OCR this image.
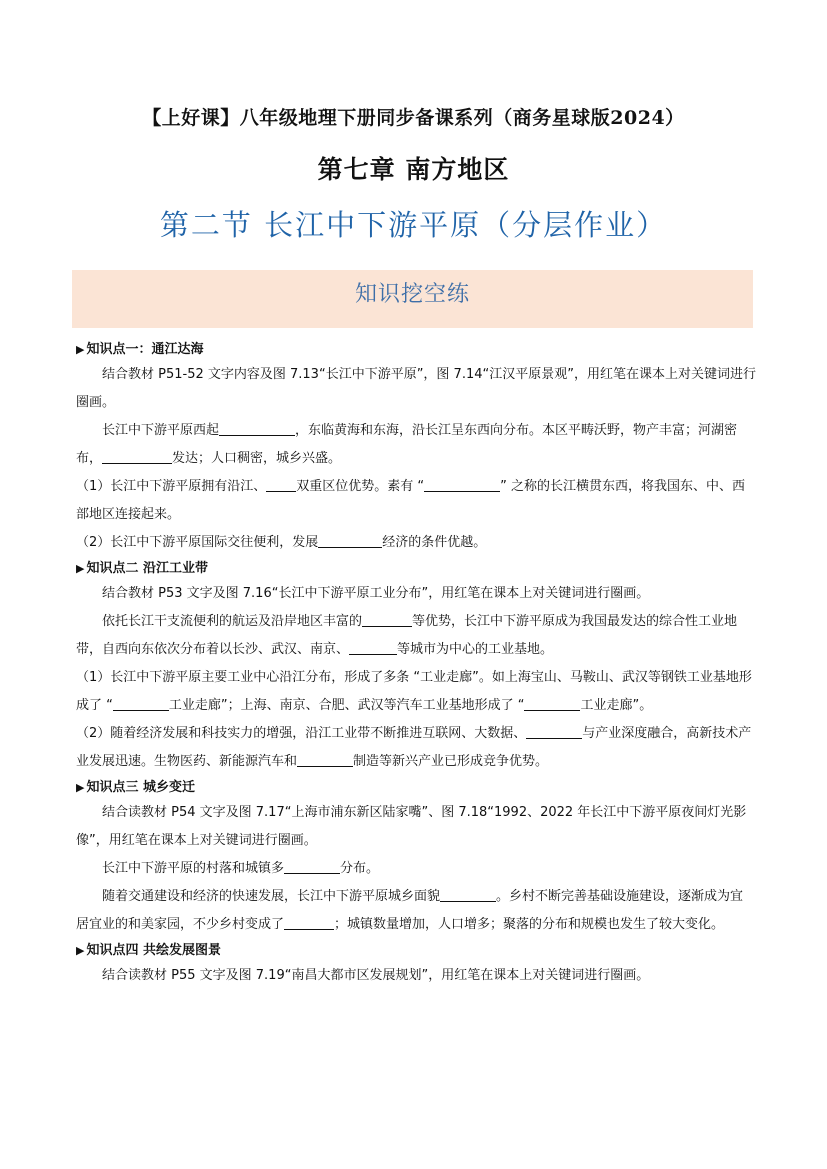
【上好课】八年级地理下册同步备课系列（商务星球版2024）
第七章 南方地区
第二节 长江中下游平原（分层作业）
知识挖空练
▶ 知识点一：通江达海
结合教材 P51-52 文字内容及图 7.13“长江中下游平原”，图 7.14“江汉平原景观”，用红笔在课本上对关键词进行圈画。
长江中下游平原西起	，东临黄海和东海，沿长江呈东西向分布。本区平畴沃野，物产丰富；河湖密布，	发达；人口稠密，城乡兴盛。
（1）长江中下游平原拥有沿江、 双重区位优势。素有 “	” 之称的长江横贯东西，将我国东、中、西部地区连接起来。
（2）长江中下游平原国际交往便利，发展	经济的条件优越。
▶ 知识点二 沿江工业带
结合教材 P53 文字及图 7.16“长江中下游平原工业分布”，用红笔在课本上对关键词进行圈画。
依托长江干支流便利的航运及沿岸地区丰富的	等优势，长江中下游平原成为我国最发达的综合性工业地带，自西向东依次分布着以长沙、武汉、南京、	等城市为中心的工业基地。
（1）长江中下游平原主要工业中心沿江分布，形成了多条 “工业走廊”。如上海宝山、马鞍山、武汉等钢铁工业基地形成了 “	工业走廊”；上海、南京、合肥、武汉等汽车工业基地形成了 “	工业走廊”。
（2）随着经济发展和科技实力的增强，沿江工业带不断推进互联网、大数据、	与产业深度融合，高新技术产业发展迅速。生物医药、新能源汽车和	制造等新兴产业已形成竞争优势。
▶ 知识点三 城乡变迁
结合读教材 P54 文字及图 7.17“上海市浦东新区陆家嘴”、图 7.18“1992、2022 年长江中下游平原夜间灯光影像”，用红笔在课本上对关键词进行圈画。
长江中下游平原的村落和城镇多	分布。
随着交通建设和经济的快速发展，长江中下游平原城乡面貌	。乡村不断完善基础设施建设，逐渐成为宜居宜业的和美家园，不少乡村变成了	；城镇数量增加，人口增多；聚落的分布和规模也发生了较大变化。
▶ 知识点四 共绘发展图景
结合读教材 P55 文字及图 7.19“南昌大都市区发展规划”，用红笔在课本上对关键词进行圈画。
